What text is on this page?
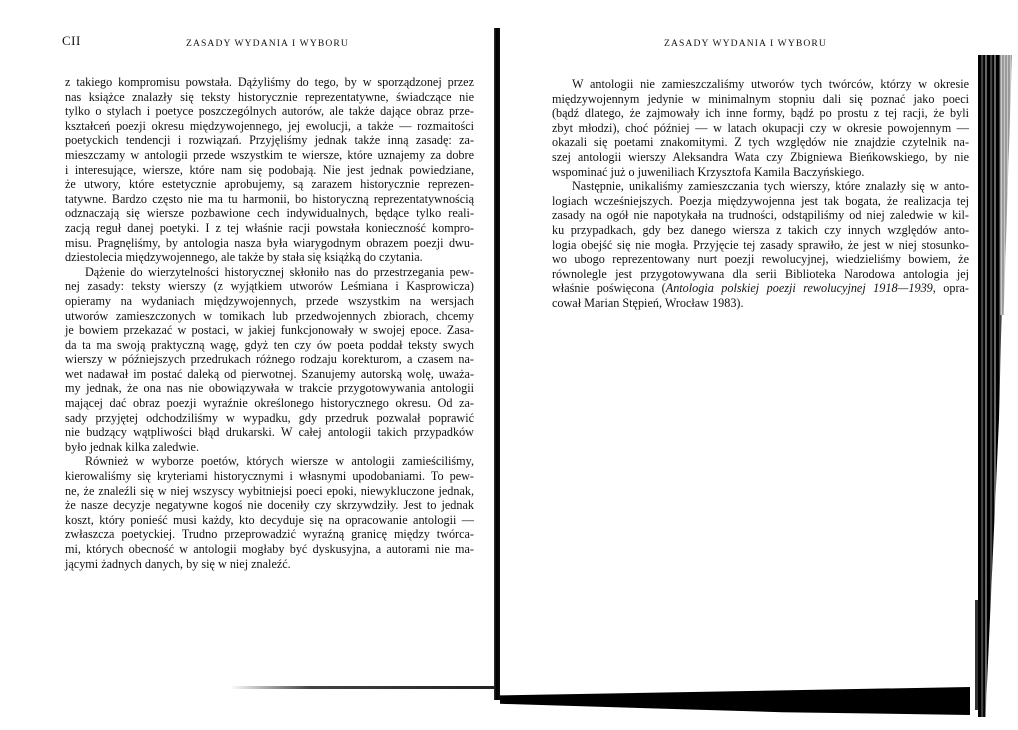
CII	ZASADY WYDANIA I WYBORU

z takiego kompromisu powstała. Dążyliśmy do tego, by w sporządzonej przez
nas książce znalazły się teksty historycznie reprezentatywne, świadczące nie
tylko o stylach i poetyce poszczególnych autorów, ale także dające obraz prze-
kształceń poezji okresu międzywojennego, jej ewolucji, a także — rozmaitości
poetyckich tendencji i rozwiązań. Przyjęliśmy jednak także inną zasadę: za-
mieszczamy w antologii przede wszystkim te wiersze, które uznajemy za dobre
i interesujące, wiersze, które nam się podobają. Nie jest jednak powiedziane,
że utwory, które estetycznie aprobujemy, są zarazem historycznie reprezen-
tatywne. Bardzo często nie ma tu harmonii, bo historyczną reprezentatywnością
odznaczają się wiersze pozbawione cech indywidualnych, będące tylko reali-
zacją reguł danej poetyki. I z tej właśnie racji powstała konieczność kompro-
misu. Pragnęliśmy, by antologia nasza była wiarygodnym obrazem poezji dwu-
dziestolecia międzywojennego, ale także by stała się książką do czytania.

Dążenie do wierzytelności historycznej skłoniło nas do przestrzegania pew-
nej zasady: teksty wierszy (z wyjątkiem utworów Leśmiana i Kasprowicza)
opieramy na wydaniach międzywojennych, przede wszystkim na wersjach
utworów zamieszczonych w tomikach lub przedwojennych zbiorach, chcemy
je bowiem przekazać w postaci, w jakiej funkcjonowały w swojej epoce. Zasa-
da ta ma swoją praktyczną wagę, gdyż ten czy ów poeta poddał teksty swych
wierszy w późniejszych przedrukach różnego rodzaju korekturom, a czasem na-
wet nadawał im postać daleką od pierwotnej. Szanujemy autorską wolę, uważa-
my jednak, że ona nas nie obowiązywała w trakcie przygotowywania antologii
mającej dać obraz poezji wyraźnie określonego historycznego okresu. Od za-
sady przyjętej odchodziliśmy w wypadku, gdy przedruk pozwalał poprawić
nie budzący wątpliwości błąd drukarski. W całej antologii takich przypadków
było jednak kilka zaledwie.

Również w wyborze poetów, których wiersze w antologii zamieściliśmy,
kierowaliśmy się kryteriami historycznymi i własnymi upodobaniami. To pew-
ne, że znaleźli się w niej wszyscy wybitniejsi poeci epoki, niewykluczone jednak,
że nasze decyzje negatywne kogoś nie doceniły czy skrzywdziły. Jest to jednak
koszt, który ponieść musi każdy, kto decyduje się na opracowanie antologii —
zwłaszcza poetyckiej. Trudno przeprowadzić wyraźną granicę między twórca-
mi, których obecność w antologii mogłaby być dyskusyjna, a autorami nie ma-
jącymi żadnych danych, by się w niej znaleźć.

ZASADY WYDANIA I WYBORU

W antologii nie zamieszczaliśmy utworów tych twórców, którzy w okresie
międzywojennym jedynie w minimalnym stopniu dali się poznać jako poeci
(bądź dlatego, że zajmowały ich inne formy, bądź po prostu z tej racji, że byli
zbyt młodzi), choć później — w latach okupacji czy w okresie powojennym —
okazali się poetami znakomitymi. Z tych względów nie znajdzie czytelnik na-
szej antologii wierszy Aleksandra Wata czy Zbigniewa Bieńkowskiego, by nie
wspominać już o juweniliach Krzysztofa Kamila Baczyńskiego.

Następnie, unikaliśmy zamieszczania tych wierszy, które znalazły się w anto-
logiach wcześniejszych. Poezja międzywojenna jest tak bogata, że realizacja tej
zasady na ogół nie napotykała na trudności, odstąpiliśmy od niej zaledwie w kil-
ku przypadkach, gdy bez danego wiersza z takich czy innych względów anto-
logia obejść się nie mogła. Przyjęcie tej zasady sprawiło, że jest w niej stosunko-
wo ubogo reprezentowany nurt poezji rewolucyjnej, wiedzieliśmy bowiem, że
równolegle jest przygotowywana dla serii Biblioteka Narodowa antologia jej
właśnie poświęcona (Antologia polskiej poezji rewolucyjnej 1918—1939, opra-
cował Marian Stępień, Wrocław 1983).
